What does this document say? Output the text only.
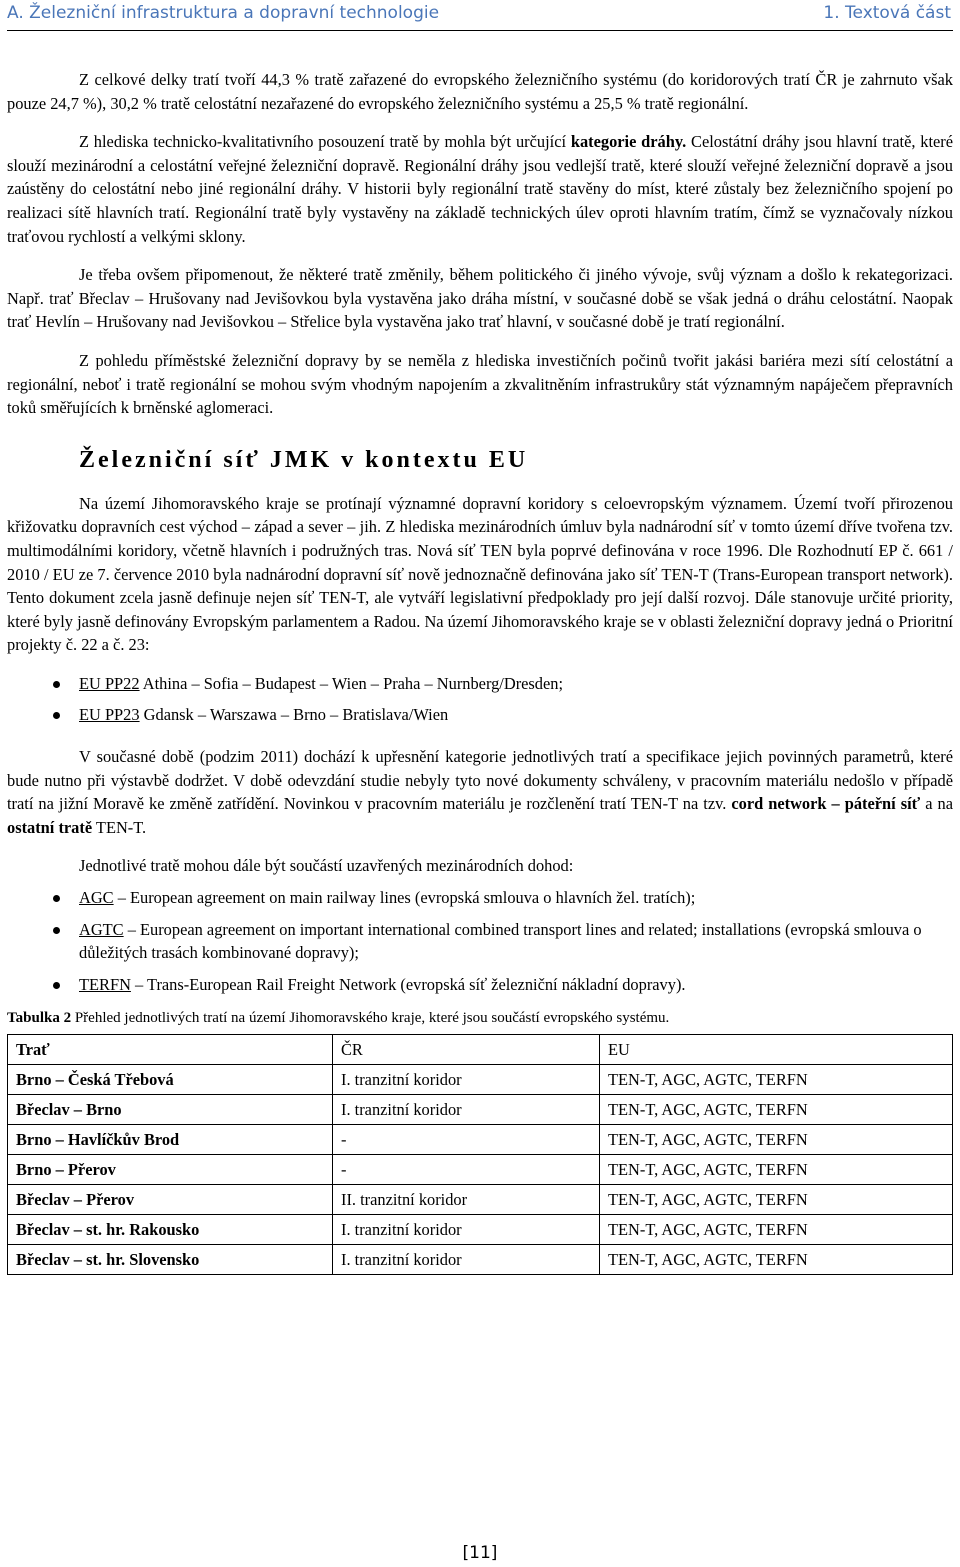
A. Železniční infrastruktura a dopravní technologie	1. Textová část

Z celkové delky tratí tvoří 44,3 % tratě zařazené do evropského železničního systému (do koridorových tratí ČR je zahrnuto však pouze 24,7 %), 30,2 % tratě celostátní nezařazené do evropského železničního systému a 25,5 % tratě regionální.

Z hlediska technicko-kvalitativního posouzení tratě by mohla být určující kategorie dráhy. Celostátní dráhy jsou hlavní tratě, které slouží mezinárodní a celostátní veřejné železniční dopravě. Regionální dráhy jsou vedlejší tratě, které slouží veřejné železniční dopravě a jsou zaústěny do celostátní nebo jiné regionální dráhy. V historii byly regionální tratě stavěny do míst, které zůstaly bez železničního spojení po realizaci sítě hlavních tratí. Regionální tratě byly vystavěny na základě technických úlev oproti hlavním tratím, čímž se vyznačovaly nízkou traťovou rychlostí a velkými sklony.

Je třeba ovšem připomenout, že některé tratě změnily, během politického či jiného vývoje, svůj význam a došlo k rekategorizaci. Např. trať Břeclav – Hrušovany nad Jevišovkou byla vystavěna jako dráha místní, v současné době se však jedná o dráhu celostátní. Naopak trať Hevlín – Hrušovany nad Jevišovkou – Střelice byla vystavěna jako trať hlavní, v současné době je tratí regionální.

Z pohledu příměstské železniční dopravy by se neměla z hlediska investičních počinů tvořit jakási bariéra mezi sítí celostátní a regionální, neboť i tratě regionální se mohou svým vhodným napojením a zkvalitněním infrastrukůry stát významným napáječem přepravních toků směřujících k brněnské aglomeraci.

Železniční síť JMK v kontextu EU

Na území Jihomoravského kraje se protínají významné dopravní koridory s celoevropským významem. Území tvoří přirozenou křižovatku dopravních cest východ – západ a sever – jih. Z hlediska mezinárodních úmluv byla nadnárodní síť v tomto území dříve tvořena tzv. multimodálními koridory, včetně hlavních i podružných tras. Nová síť TEN byla poprvé definována v roce 1996. Dle Rozhodnutí EP č. 661 / 2010 / EU ze 7. července 2010 byla nadnárodní dopravní síť nově jednoznačně definována jako síť TEN-T (Trans-European transport network). Tento dokument zcela jasně definuje nejen síť TEN-T, ale vytváří legislativní předpoklady pro její další rozvoj. Dále stanovuje určité priority, které byly jasně definovány Evropským parlamentem a Radou. Na území Jihomoravského kraje se v oblasti železniční dopravy jedná o Prioritní projekty č. 22 a č. 23:

EU PP22 Athina – Sofia – Budapest – Wien – Praha – Nurnberg/Dresden;
EU PP23 Gdansk – Warszawa – Brno – Bratislava/Wien

V současné době (podzim 2011) dochází k upřesnění kategorie jednotlivých tratí a specifikace jejich povinných parametrů, které bude nutno při výstavbě dodržet. V době odevzdání studie nebyly tyto nové dokumenty schváleny, v pracovním materiálu nedošlo v případě tratí na jižní Moravě ke změně zatřídění. Novinkou v pracovním materiálu je rozčlenění tratí TEN-T na tzv. cord network – páteřní síť a na ostatní tratě TEN-T.

Jednotlivé tratě mohou dále být součástí uzavřených mezinárodních dohod:

AGC – European agreement on main railway lines (evropská smlouva o hlavních žel. tratích);
AGTC – European agreement on important international combined transport lines and related; installations (evropská smlouva o důležitých trasách kombinované dopravy);
TERFN – Trans-European Rail Freight Network (evropská síť železniční nákladní dopravy).
Tabulka 2 Přehled jednotlivých tratí na území Jihomoravského kraje, které jsou součástí evropského systému.
Trať	ČR	EU
Brno – Česká Třebová	I. tranzitní koridor	TEN-T, AGC, AGTC, TERFN
Břeclav – Brno	I. tranzitní koridor	TEN-T, AGC, AGTC, TERFN
Brno – Havlíčkův Brod	-	TEN-T, AGC, AGTC, TERFN
Brno – Přerov	-	TEN-T, AGC, AGTC, TERFN
Břeclav – Přerov	II. tranzitní koridor	TEN-T, AGC, AGTC, TERFN
Břeclav – st. hr. Rakousko	I. tranzitní koridor	TEN-T, AGC, AGTC, TERFN
Břeclav – st. hr. Slovensko	I. tranzitní koridor	TEN-T, AGC, AGTC, TERFN
[11]
